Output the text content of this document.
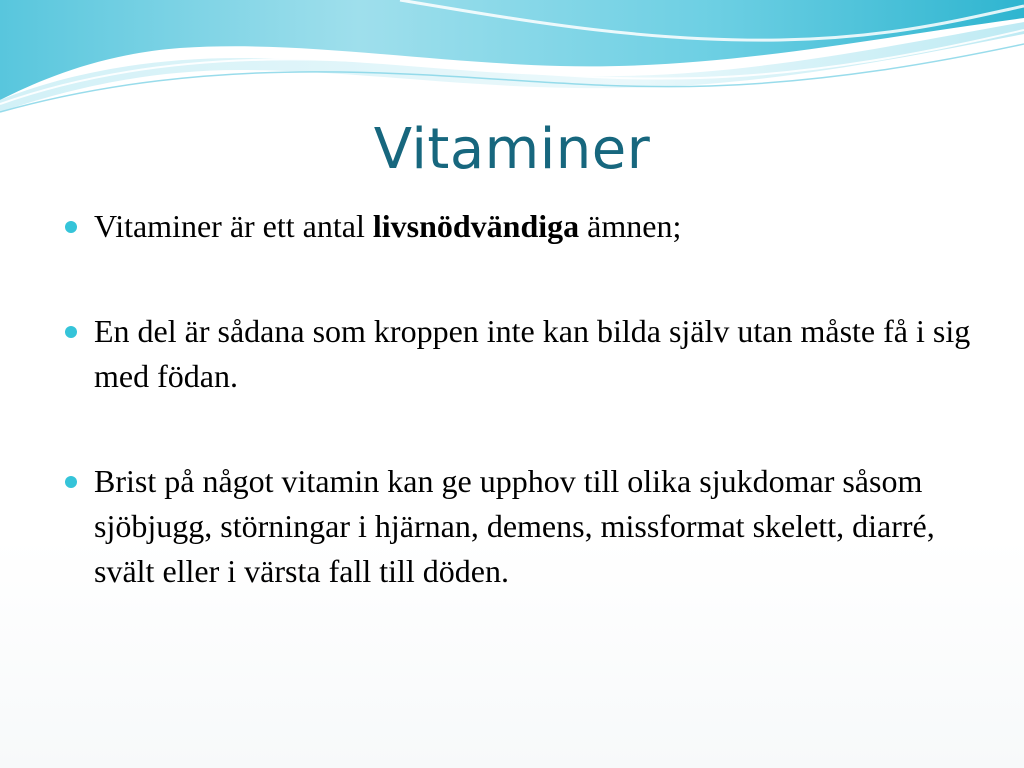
Vitaminer
Vitaminer är ett antal livsnödvändiga ämnen;
En del är sådana som kroppen inte kan bilda själv utan måste få i sig med födan.
Brist på något vitamin kan ge upphov till olika sjukdomar såsom sjöbjugg, störningar i hjärnan, demens, missformat skelett, diarré, svält eller i värsta fall till döden.
